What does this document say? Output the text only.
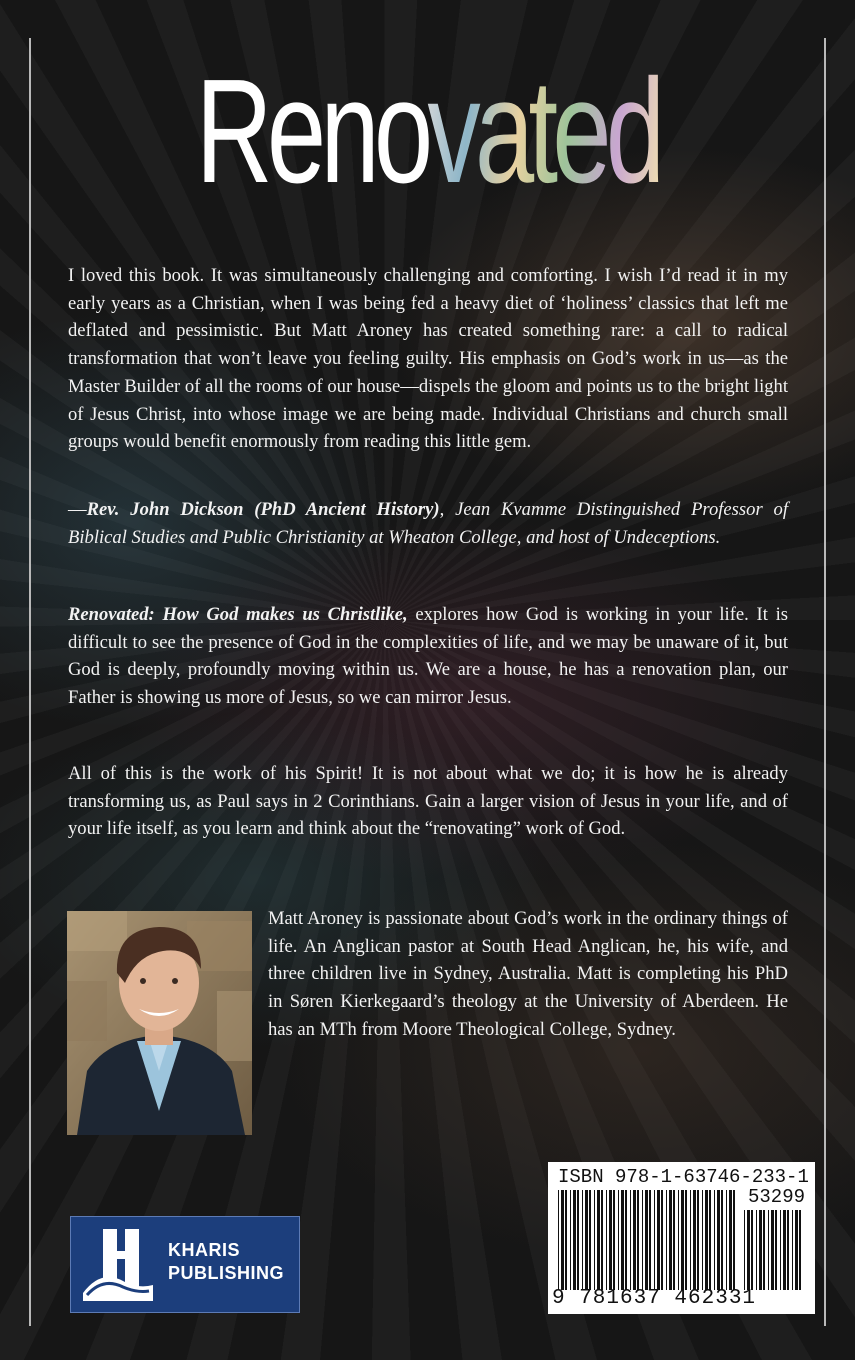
Renovated

I loved this book. It was simultaneously challenging and comforting. I wish I’d read it in my early years as a Christian, when I was being fed a heavy diet of ‘holiness’ classics that left me deflated and pessimistic. But Matt Aroney has created something rare: a call to radical transformation that won’t leave you feeling guilty. His emphasis on God’s work in us—as the Master Builder of all the rooms of our house—dispels the gloom and points us to the bright light of Jesus Christ, into whose image we are being made. Individual Christians and church small groups would benefit enormously from reading this little gem.

—Rev. John Dickson (PhD Ancient History), Jean Kvamme Distinguished Professor of Biblical Studies and Public Christianity at Wheaton College, and host of Undeceptions.

Renovated: How God makes us Christlike, explores how God is working in your life. It is difficult to see the presence of God in the complexities of life, and we may be unaware of it, but God is deeply, profoundly moving within us. We are a house, he has a renovation plan, our Father is showing us more of Jesus, so we can mirror Jesus.

All of this is the work of his Spirit! It is not about what we do; it is how he is already transforming us, as Paul says in 2 Corinthians. Gain a larger vision of Jesus in your life, and of your life itself, as you learn and think about the “renovating” work of God.

Matt Aroney is passionate about God’s work in the ordinary things of life. An Anglican pastor at South Head Anglican, he, his wife, and three children live in Sydney, Australia. Matt is completing his PhD in Søren Kierkegaard’s theology at the University of Aberdeen. He has an MTh from Moore Theological College, Sydney.

KHARIS
PUBLISHING
ISBN 978-1-63746-233-1
53299
9 781637 462331
